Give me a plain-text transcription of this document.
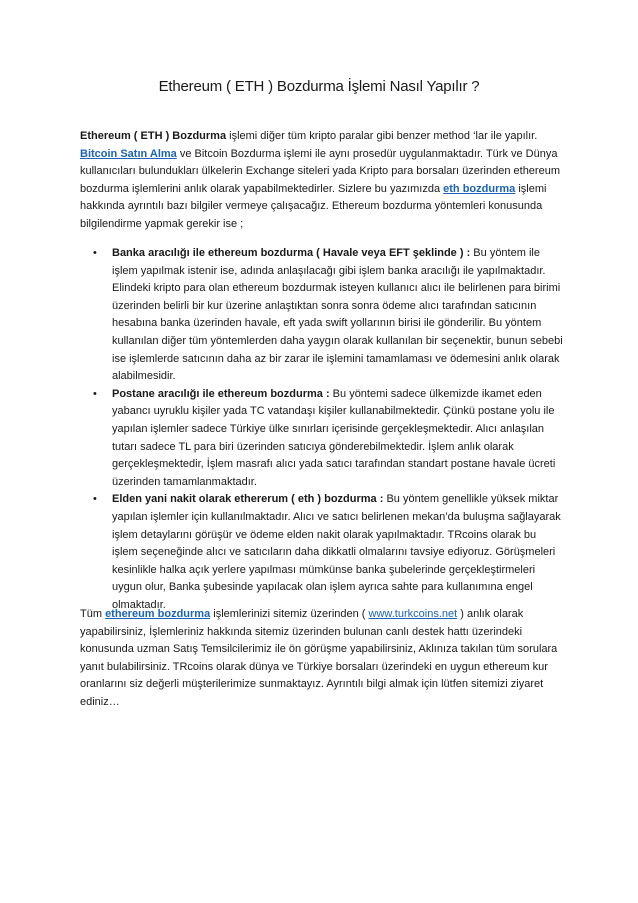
Ethereum ( ETH ) Bozdurma İşlemi Nasıl Yapılır ?
Ethereum ( ETH ) Bozdurma işlemi diğer tüm kripto paralar gibi benzer method ‘lar ile yapılır. Bitcoin Satın Alma ve Bitcoin Bozdurma işlemi ile aynı prosedür uygulanmaktadır. Türk ve Dünya kullanıcıları bulundukları ülkelerin Exchange siteleri yada Kripto para borsaları üzerinden ethereum bozdurma işlemlerini anlık olarak yapabilmektedirler. Sizlere bu yazımızda eth bozdurma işlemi hakkında ayrıntılı bazı bilgiler vermeye çalışacağız. Ethereum bozdurma yöntemleri konusunda bilgilendirme yapmak gerekir ise ;
• Banka aracılığı ile ethereum bozdurma ( Havale veya EFT şeklinde ) : Bu yöntem ile işlem yapılmak istenir ise, adında anlaşılacağı gibi işlem banka aracılığı ile yapılmaktadır. Elindeki kripto para olan ethereum bozdurmak isteyen kullanıcı alıcı ile belirlenen para birimi üzerinden belirli bir kur üzerine anlaştıktan sonra sonra ödeme alıcı tarafından satıcının hesabına banka üzerinden havale, eft yada swift yollarının birisi ile gönderilir. Bu yöntem kullanılan diğer tüm yöntemlerden daha yaygın olarak kullanılan bir seçenektir, bunun sebebi ise işlemlerde satıcının daha az bir zarar ile işlemini tamamlaması ve ödemesini anlık olarak alabilmesidir.
• Postane aracılığı ile ethereum bozdurma : Bu yöntemi sadece ülkemizde ikamet eden yabancı uyruklu kişiler yada TC vatandaşı kişiler kullanabilmektedir. Çünkü postane yolu ile yapılan işlemler sadece Türkiye ülke sınırları içerisinde gerçekleşmektedir. Alıcı anlaşılan tutarı sadece TL para biri üzerinden satıcıya gönderebilmektedir. İşlem anlık olarak gerçekleşmektedir, İşlem masrafı alıcı yada satıcı tarafından standart postane havale ücreti üzerinden tamamlanmaktadır.
• Elden yani nakit olarak ethererum ( eth ) bozdurma : Bu yöntem genellikle yüksek miktar yapılan işlemler için kullanılmaktadır. Alıcı ve satıcı belirlenen mekan’da buluşma sağlayarak işlem detaylarını görüşür ve ödeme elden nakit olarak yapılmaktadır. TRcoins olarak bu işlem seçeneğinde alıcı ve satıcıların daha dikkatli olmalarını tavsiye ediyoruz. Görüşmeleri kesinlikle halka açık yerlere yapılması mümkünse banka şubelerinde gerçekleştirmeleri uygun olur, Banka şubesinde yapılacak olan işlem ayrıca sahte para kullanımına engel olmaktadır.
Tüm ethereum bozdurma işlemlerinizi sitemiz üzerinden ( www.turkcoins.net ) anlık olarak yapabilirsiniz, İşlemleriniz hakkında sitemiz üzerinden bulunan canlı destek hattı üzerindeki konusunda uzman Satış Temsilcilerimiz ile ön görüşme yapabilirsiniz, Aklınıza takılan tüm sorulara yanıt bulabilirsiniz. TRcoins olarak dünya ve Türkiye borsaları üzerindeki en uygun ethereum kur oranlarını siz değerli müşterilerimize sunmaktayız. Ayrıntılı bilgi almak için lütfen sitemizi ziyaret ediniz…
